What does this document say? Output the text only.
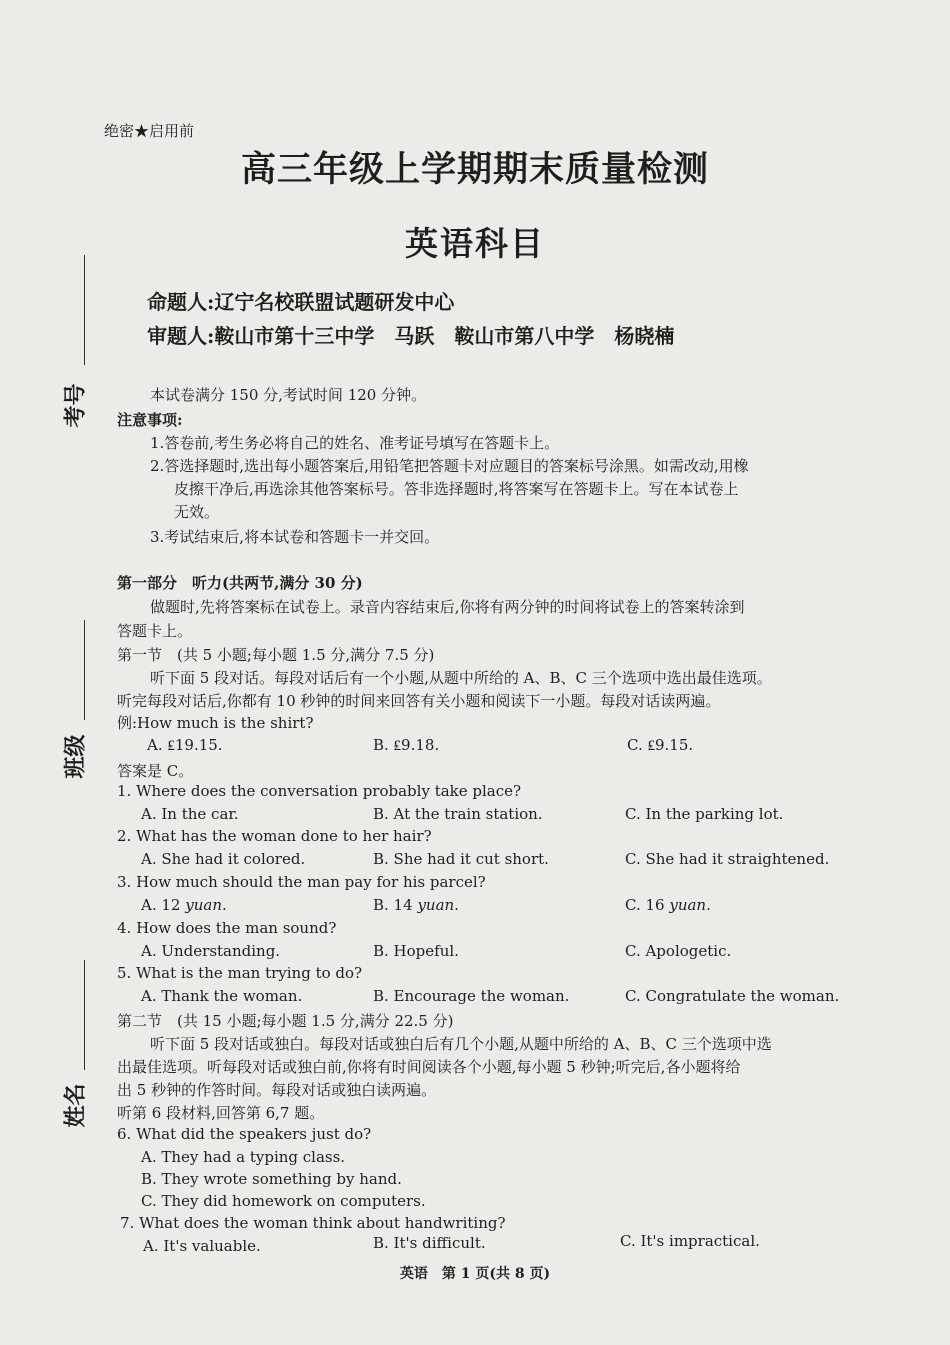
考号
班级
姓名
绝密★启用前
高三年级上学期期末质量检测
英语科目
命题人:辽宁名校联盟试题研发中心
审题人:鞍山市第十三中学　马跃　鞍山市第八中学　杨晓楠
本试卷满分 150 分,考试时间 120 分钟。
注意事项:
1.答卷前,考生务必将自己的姓名、准考证号填写在答题卡上。
2.答选择题时,选出每小题答案后,用铅笔把答题卡对应题目的答案标号涂黑。如需改动,用橡
皮擦干净后,再选涂其他答案标号。答非选择题时,将答案写在答题卡上。写在本试卷上
无效。
3.考试结束后,将本试卷和答题卡一并交回。
第一部分　听力(共两节,满分 30 分)
做题时,先将答案标在试卷上。录音内容结束后,你将有两分钟的时间将试卷上的答案转涂到
答题卡上。
第一节　(共 5 小题;每小题 1.5 分,满分 7.5 分)
听下面 5 段对话。每段对话后有一个小题,从题中所给的 A、B、C 三个选项中选出最佳选项。
听完每段对话后,你都有 10 秒钟的时间来回答有关小题和阅读下一小题。每段对话读两遍。
例:How much is the shirt?
A. ₤19.15.	B. ₤9.18.	C. ₤9.15.
答案是 C。
1. Where does the conversation probably take place?
A. In the car.	B. At the train station.	C. In the parking lot.
2. What has the woman done to her hair?
A. She had it colored.	B. She had it cut short.	C. She had it straightened.
3. How much should the man pay for his parcel?
A. 12 yuan.	B. 14 yuan.	C. 16 yuan.
4. How does the man sound?
A. Understanding.	B. Hopeful.	C. Apologetic.
5. What is the man trying to do?
A. Thank the woman.	B. Encourage the woman.	C. Congratulate the woman.
第二节　(共 15 小题;每小题 1.5 分,满分 22.5 分)
听下面 5 段对话或独白。每段对话或独白后有几个小题,从题中所给的 A、B、C 三个选项中选
出最佳选项。听每段对话或独白前,你将有时间阅读各个小题,每小题 5 秒钟;听完后,各小题将给
出 5 秒钟的作答时间。每段对话或独白读两遍。
听第 6 段材料,回答第 6,7 题。
6. What did the speakers just do?
A. They had a typing class.
B. They wrote something by hand.
C. They did homework on computers.
7. What does the woman think about handwriting?
A. It's valuable.	B. It's difficult.	C. It's impractical.
英语　第 1 页(共 8 页)
